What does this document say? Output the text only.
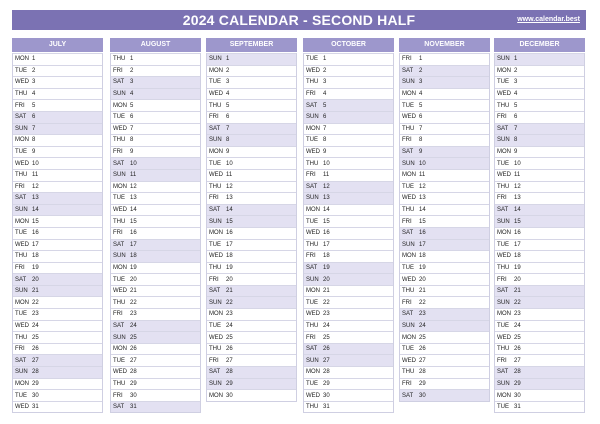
2024 CALENDAR - SECOND HALF	www.calendar.best
JULY
MON 1
TUE 2
WED 3
THU 4
FRI	5
SAT 6
SUN 7
MON 8
TUE 9
WED 10
THU 11
FRI	12
SAT 13
SUN 14
MON 15
TUE 16
WED 17
THU 18
FRI	19
SAT 20
SUN 21
MON 22
TUE 23
WED 24
THU 25
FRI	26
SAT 27
SUN 28
MON 29
TUE 30
WED 31
AUGUST
THU 1
FRI	2
SAT 3
SUN 4
MON 5
TUE 6
WED 7
THU 8
FRI	9
SAT 10
SUN 11
MON 12
TUE 13
WED 14
THU 15
FRI	16
SAT 17
SUN 18
MON 19
TUE 20
WED 21
THU 22
FRI	23
SAT 24
SUN 25
MON 26
TUE 27
WED 28
THU 29
FRI	30
SAT 31
SEPTEMBER
SUN 1
MON 2
TUE 3
WED 4
THU 5
FRI	6
SAT 7
SUN 8
MON 9
TUE 10
WED 11
THU 12
FRI	13
SAT 14
SUN 15
MON 16
TUE 17
WED 18
THU 19
FRI	20
SAT 21
SUN 22
MON 23
TUE 24
WED 25
THU 26
FRI	27
SAT 28
SUN 29
MON 30
OCTOBER
TUE 1
WED 2
THU 3
FRI	4
SAT 5
SUN 6
MON 7
TUE 8
WED 9
THU 10
FRI	11
SAT 12
SUN 13
MON 14
TUE 15
WED 16
THU 17
FRI	18
SAT 19
SUN 20
MON 21
TUE 22
WED 23
THU 24
FRI	25
SAT 26
SUN 27
MON 28
TUE 29
WED 30
THU 31
NOVEMBER
FRI	1
SAT 2
SUN 3
MON 4
TUE 5
WED 6
THU 7
FRI	8
SAT 9
SUN 10
MON 11
TUE 12
WED 13
THU 14
FRI	15
SAT 16
SUN 17
MON 18
TUE 19
WED 20
THU 21
FRI	22
SAT 23
SUN 24
MON 25
TUE 26
WED 27
THU 28
FRI	29
SAT 30
DECEMBER
SUN 1
MON 2
TUE 3
WED 4
THU 5
FRI	6
SAT 7
SUN 8
MON 9
TUE 10
WED 11
THU 12
FRI	13
SAT 14
SUN 15
MON 16
TUE 17
WED 18
THU 19
FRI	20
SAT 21
SUN 22
MON 23
TUE 24
WED 25
THU 26
FRI	27
SAT 28
SUN 29
MON 30
TUE 31
